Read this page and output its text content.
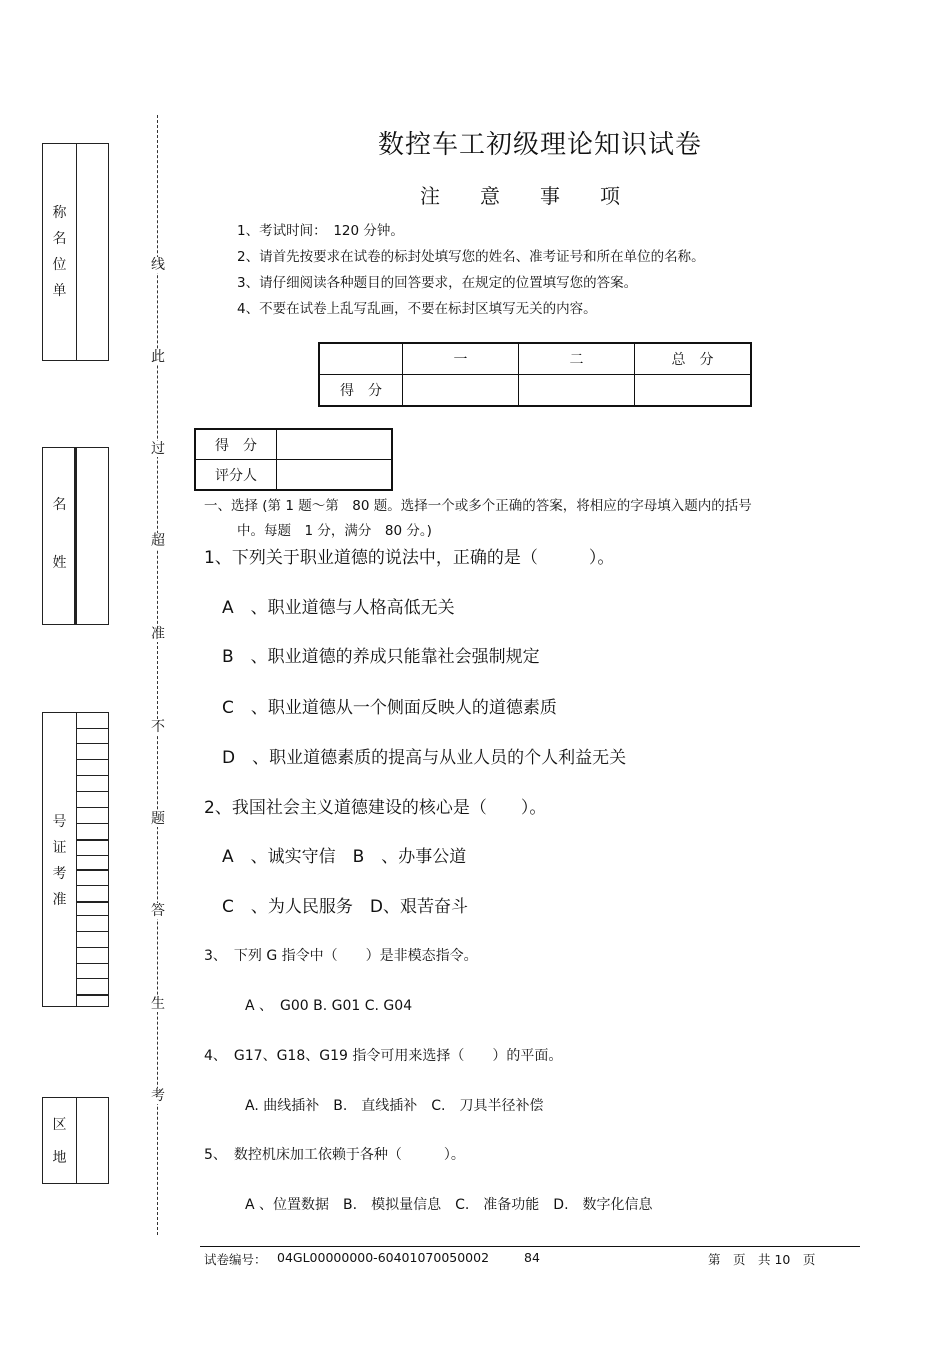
称
名
位
单
名
姓
号
证
考
准
区
地
线
此
过
超
准
不
题
答
生
考
数控车工初级理论知识试卷
注　　意　　事　　项
1、考试时间：　120 分钟。
2、请首先按要求在试卷的标封处填写您的姓名、准考证号和所在单位的名称。
3、请仔细阅读各种题目的回答要求，在规定的位置填写您的答案。
4、不要在试卷上乱写乱画，不要在标封区填写无关的内容。
	一	二	总　分
得　分			
得　分	
评分人	
一、选择 (第 1 题～第　80 题。选择一个或多个正确的答案，将相应的字母填入题内的括号
中。每题　1 分，满分　80 分。)
1、下列关于职业道德的说法中，正确的是（　　　）。
A　、职业道德与人格高低无关
B　、职业道德的养成只能靠社会强制规定
C　、职业道德从一个侧面反映人的道德素质
D　、职业道德素质的提高与从业人员的个人利益无关
2、我国社会主义道德建设的核心是（　　）。
A　、诚实守信　B　、办事公道
C　、为人民服务　D、艰苦奋斗
3、　下列 G 指令中（　　）是非模态指令。
A 、　G00 B. G01 C. G04
4、　G17、G18、G19 指令可用来选择（　　）的平面。
A. 曲线插补　B.　直线插补　C.　刀具半径补偿
5、　数控机床加工依赖于各种（　　　）。
A 、位置数据　B.　模拟量信息　C.　准备功能　D.　数字化信息
试卷编号： 04GL00000000-60401070050002	84	第　页　共 10　页
